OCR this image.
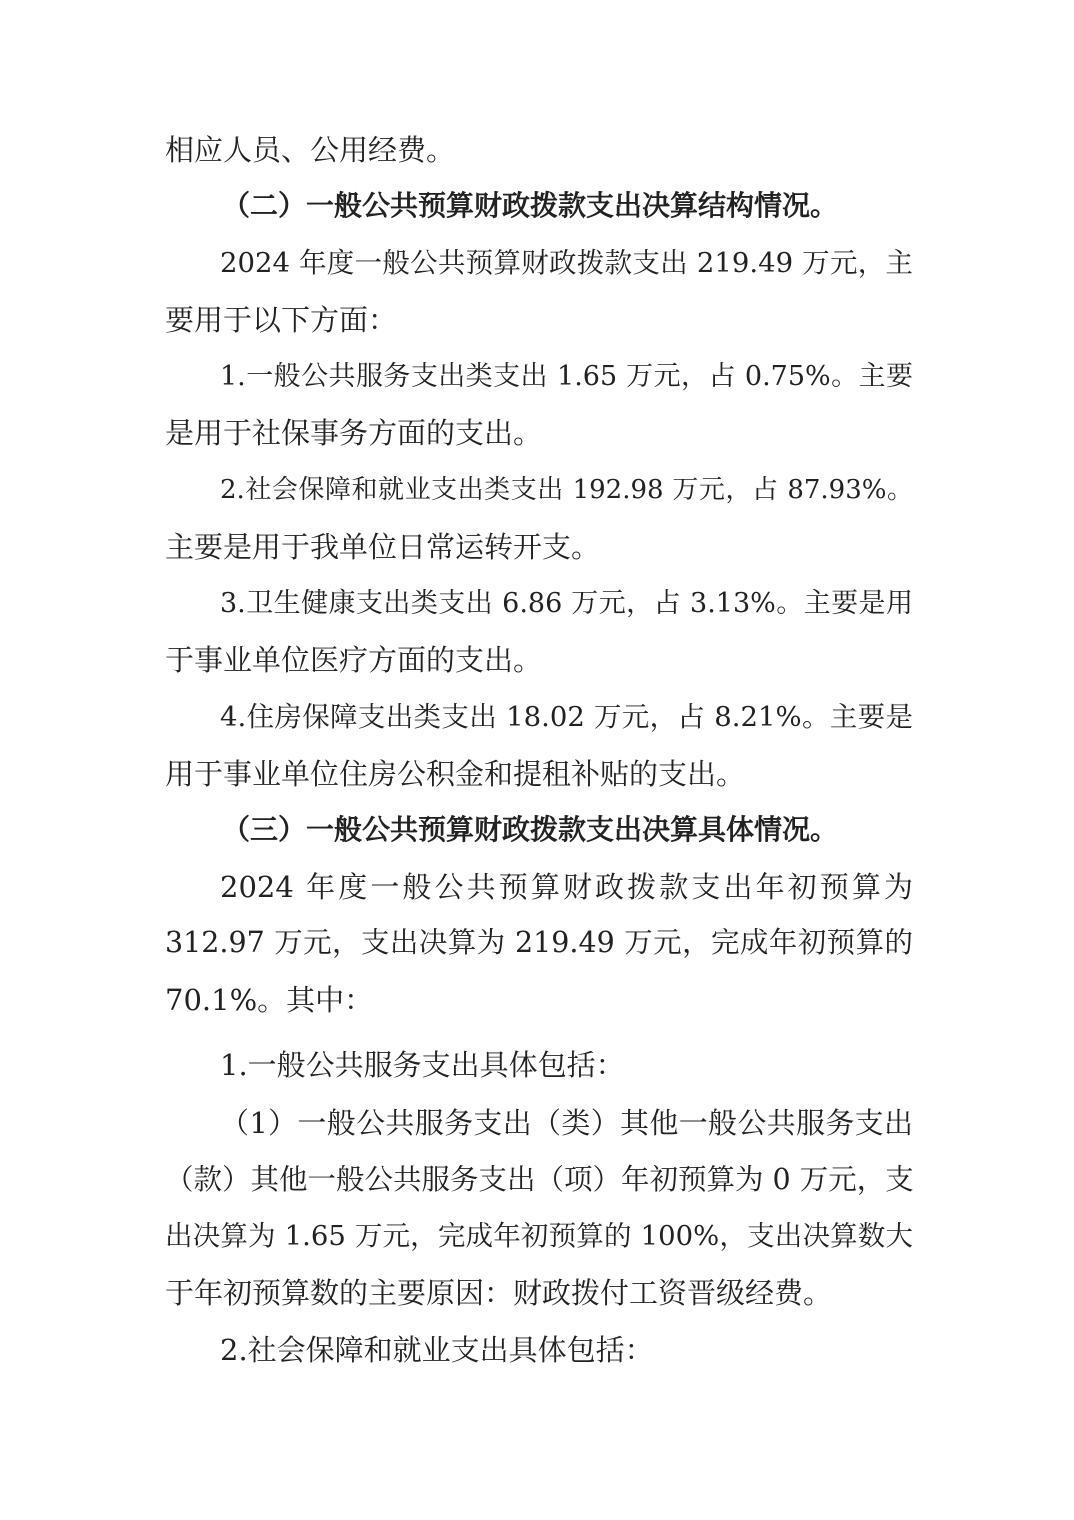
相应人员、公用经费。
（二）一般公共预算财政拨款支出决算结构情况。
2024 年度一般公共预算财政拨款支出 219.49 万元，主
要用于以下方面：
1.一般公共服务支出类支出 1.65 万元，占 0.75%。主要
是用于社保事务方面的支出。
2.社会保障和就业支出类支出 192.98 万元，占 87.93%。
主要是用于我单位日常运转开支。
3.卫生健康支出类支出 6.86 万元，占 3.13%。主要是用
于事业单位医疗方面的支出。
4.住房保障支出类支出 18.02 万元，占 8.21%。主要是
用于事业单位住房公积金和提租补贴的支出。
（三）一般公共预算财政拨款支出决算具体情况。
2024 年度一般公共预算财政拨款支出年初预算为
312.97 万元，支出决算为 219.49 万元，完成年初预算的
70.1%。其中：
1.一般公共服务支出具体包括：
（1）一般公共服务支出（类）其他一般公共服务支出
（款）其他一般公共服务支出（项）年初预算为 0 万元，支
出决算为 1.65 万元，完成年初预算的 100%，支出决算数大
于年初预算数的主要原因：财政拨付工资晋级经费。
2.社会保障和就业支出具体包括：
